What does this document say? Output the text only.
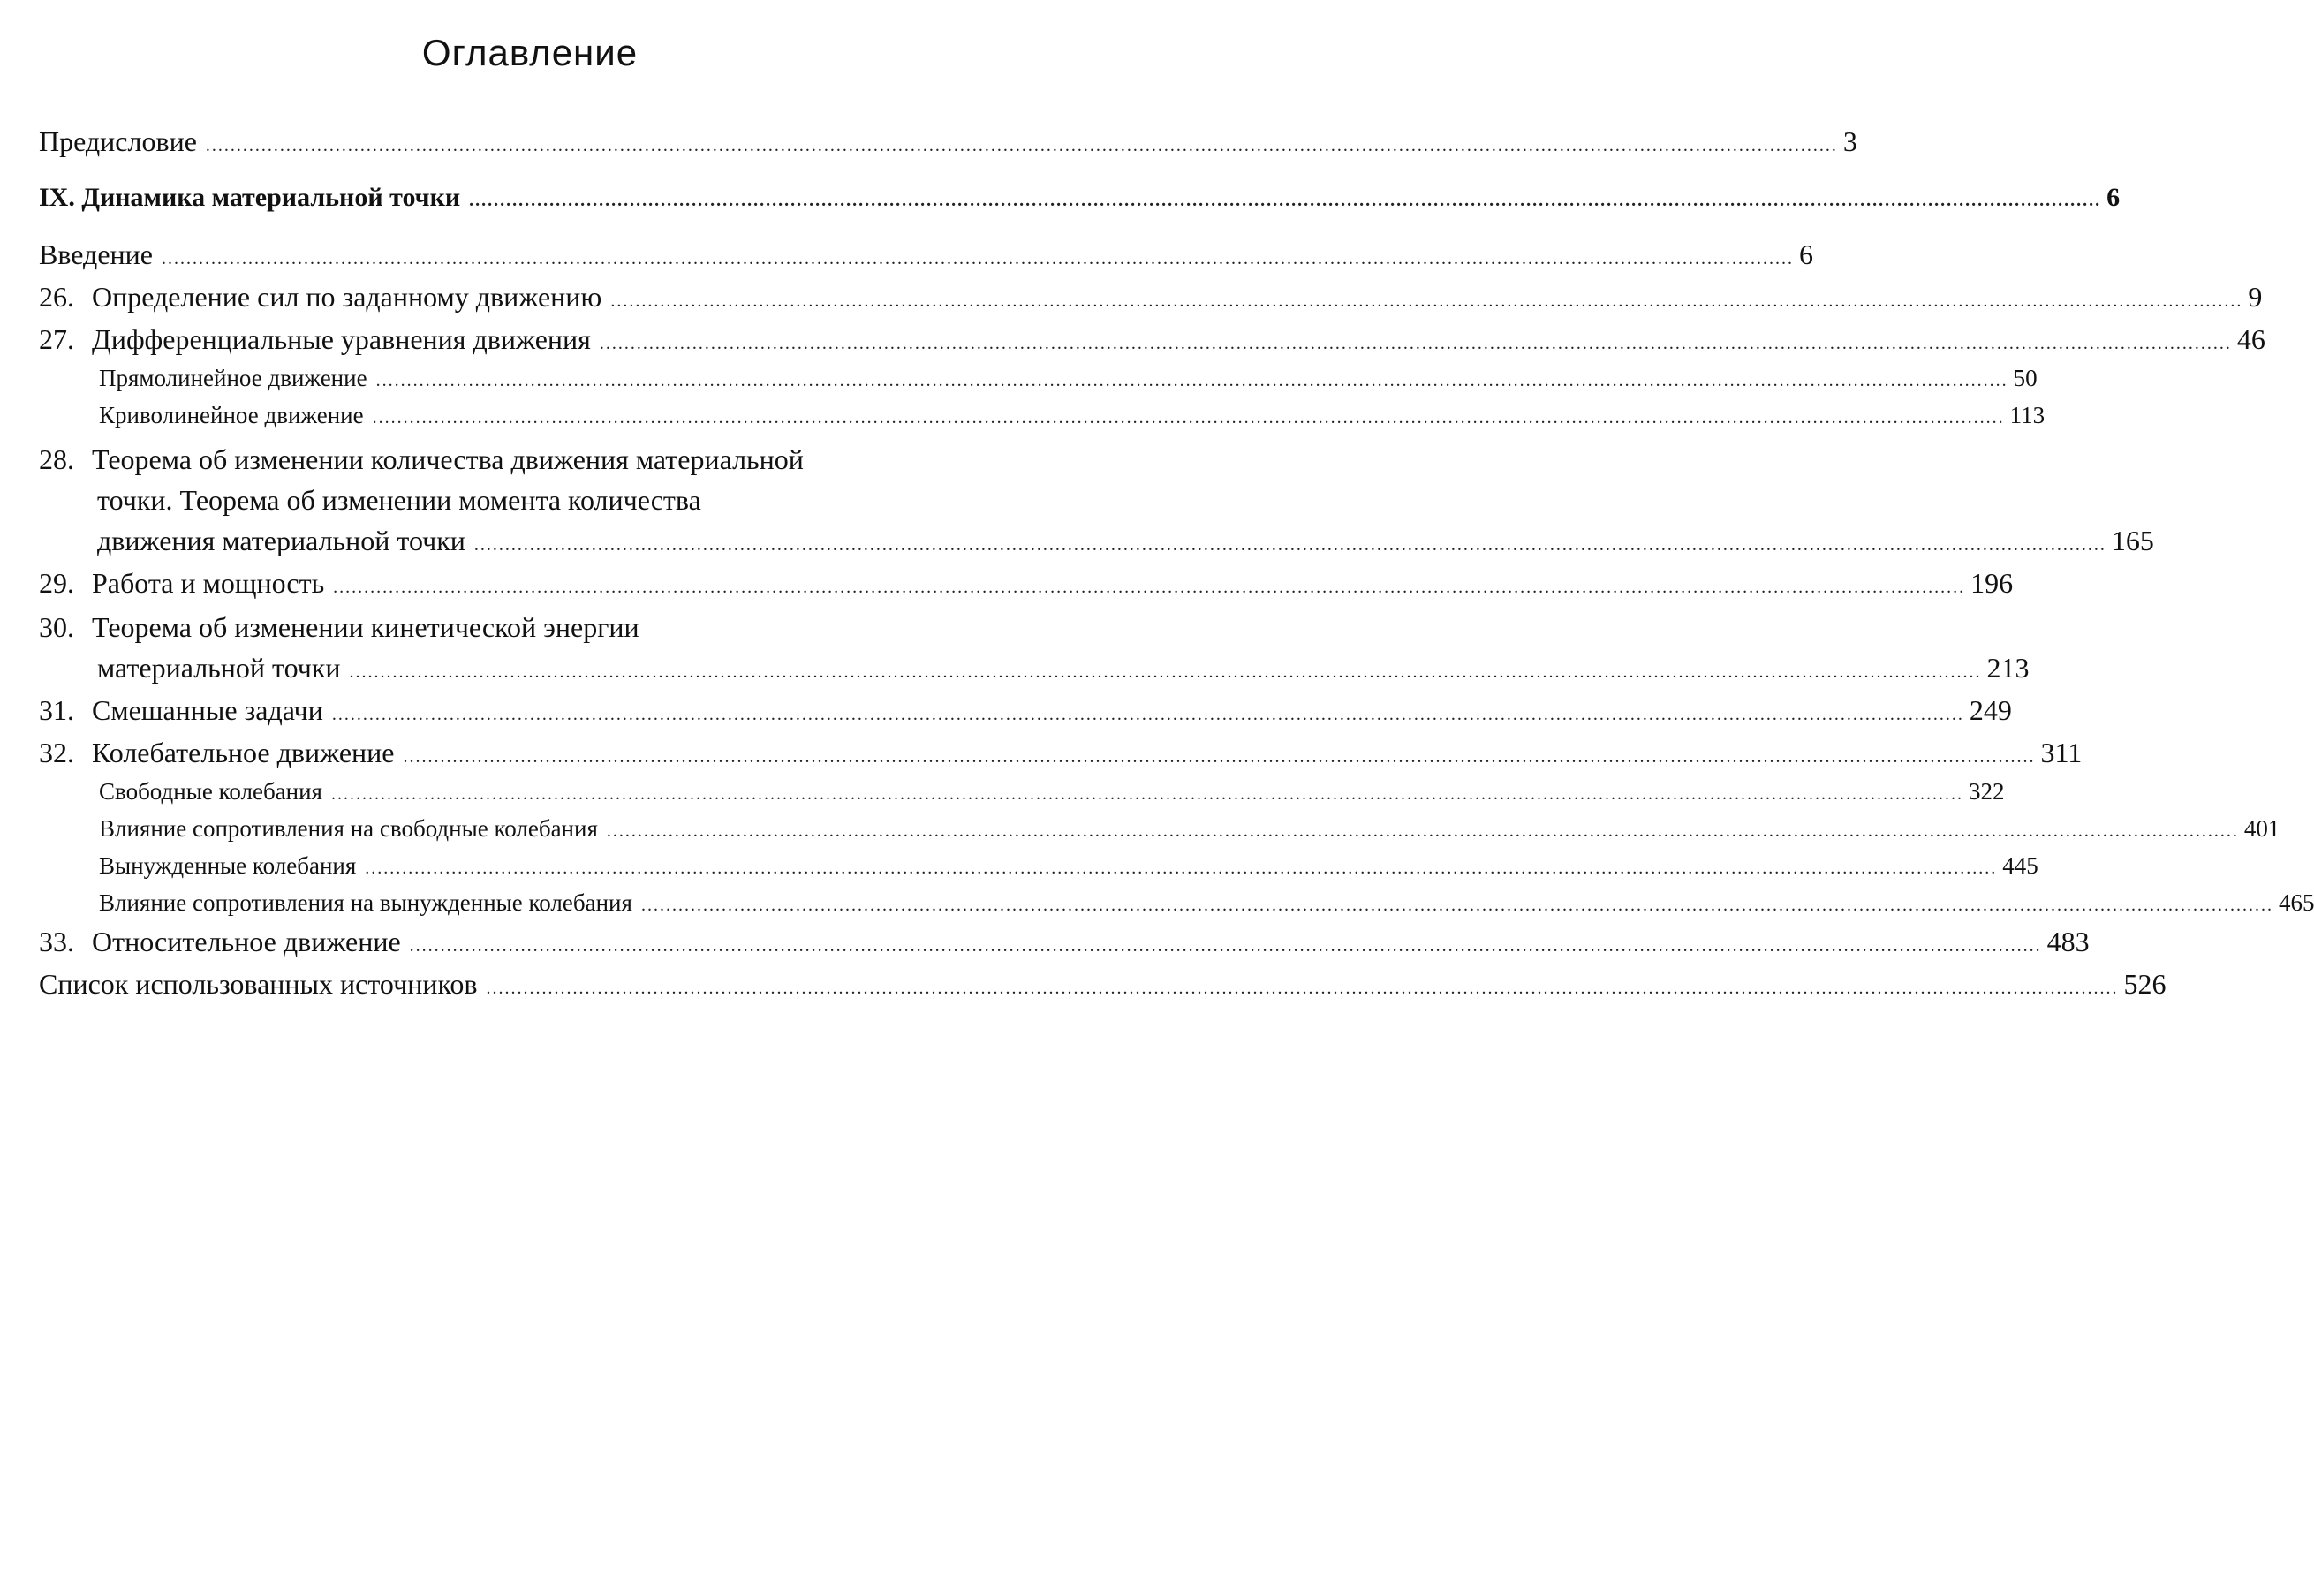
Оглавление
Предисловие .....	3
IX. Динамика материальной точки .....	6
Введение .....	6
26. Определение сил по заданному движению .....	9
27. Дифференциальные уравнения движения .....	46
Прямолинейное движение .....	50
Криволинейное движение .....	113
28. Теорема об изменении количества движения материальной
точки. Теорема об изменении момента количества
движения материальной точки .....	165
29. Работа и мощность .....	196
30. Теорема об изменении кинетической энергии
материальной точки .....	213
31. Смешанные задачи .....	249
32. Колебательное движение .....	311
Свободные колебания .....	322
Влияние сопротивления на свободные колебания .....	401
Вынужденные колебания .....	445
Влияние сопротивления на вынужденные колебания .....	465
33. Относительное движение .....	483
Список использованных источников .....	526
